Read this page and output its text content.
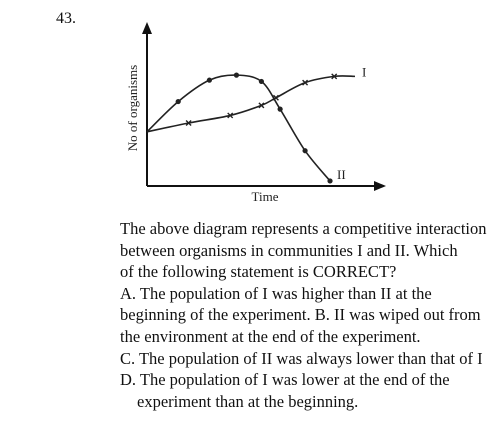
43.
No of organisms
Time
I
II
The above diagram represents a competitive interaction
between organisms in communities I and II. Which
of the following statement is CORRECT?
A. The population of I was higher than II at the
beginning of the experiment. B. II was wiped out from
the environment at the end of the experiment.
C. The population of II was always lower than that of I
D. The population of I was lower at the end of the
experiment than at the beginning.
